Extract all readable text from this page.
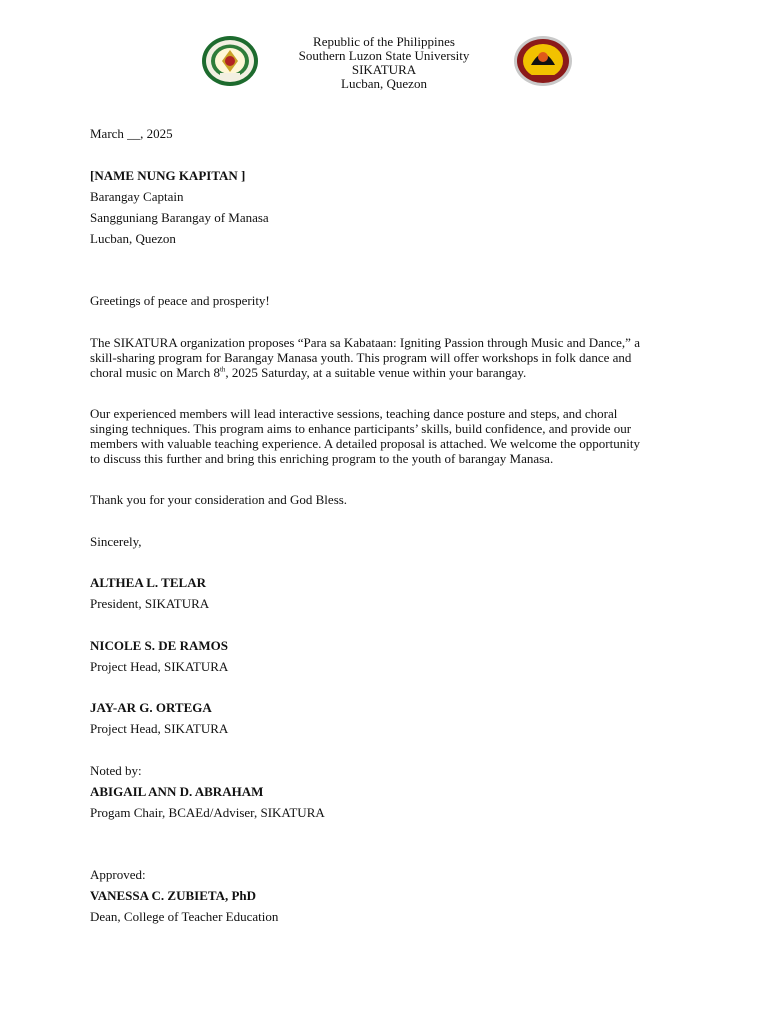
Republic of the Philippines
Southern Luzon State University
SIKATURA
Lucban, Quezon
March __, 2025
[NAME NUNG KAPITAN ]
Barangay Captain
Sangguniang Barangay of Manasa
Lucban, Quezon
Greetings of peace and prosperity!
The SIKATURA organization proposes “Para sa Kabataan: Igniting Passion through Music and Dance,” a
skill-sharing program for Barangay Manasa youth. This program will offer workshops in folk dance and
choral music on March 8th, 2025 Saturday, at a suitable venue within your barangay.
Our experienced members will lead interactive sessions, teaching dance posture and steps, and choral
singing techniques. This program aims to enhance participants’ skills, build confidence, and provide our
members with valuable teaching experience. A detailed proposal is attached. We welcome the opportunity
to discuss this further and bring this enriching program to the youth of barangay Manasa.
Thank you for your consideration and God Bless.
Sincerely,
ALTHEA L. TELAR
President, SIKATURA
NICOLE S. DE RAMOS
Project Head, SIKATURA
JAY-AR G. ORTEGA
Project Head, SIKATURA
Noted by:
ABIGAIL ANN D. ABRAHAM
Progam Chair, BCAEd/Adviser, SIKATURA
Approved:
VANESSA C. ZUBIETA, PhD
Dean, College of Teacher Education
